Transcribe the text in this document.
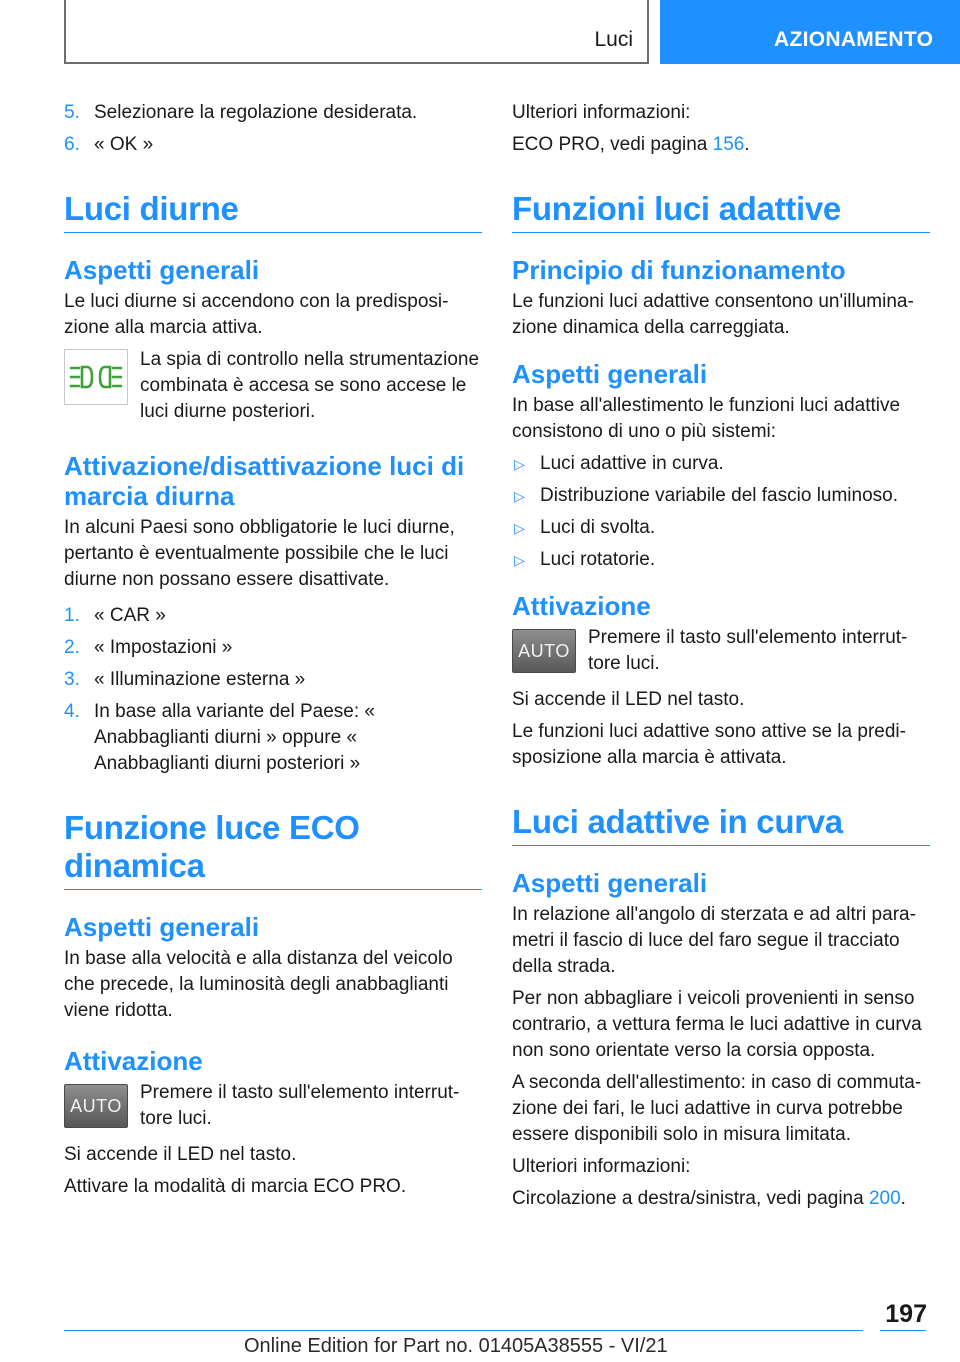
Luci	AZIONAMENTO
5. Selezionare la regolazione desiderata.
6. « OK »
Luci diurne
Aspetti generali

Le luci diurne si accendono con la predisposizione alla marcia attiva.

La spia di controllo nella strumentazione combinata è accesa se sono accese le luci diurne posteriori.

Attivazione/disattivazione luci di marcia diurna

In alcuni Paesi sono obbligatorie le luci diurne, pertanto è eventualmente possibile che le luci diurne non possano essere disattivate.

1. « CAR »
2. « Impostazioni »
3. « Illuminazione esterna »
4. In base alla variante del Paese: « Anabbaglianti diurni » oppure « Anabbaglianti diurni posteriori »
Funzione luce ECO dinamica
Aspetti generali

In base alla velocità e alla distanza del veicolo che precede, la luminosità degli anabbaglianti viene ridotta.

Attivazione
AUTO

Premere il tasto sull'elemento interruttore luci.

Si accende il LED nel tasto.

Attivare la modalità di marcia ECO PRO.

Ulteriori informazioni:

ECO PRO, vedi pagina 156.

Funzioni luci adattive
Principio di funzionamento

Le funzioni luci adattive consentono un'illuminazione dinamica della carreggiata.

Aspetti generali

In base all'allestimento le funzioni luci adattive consistono di uno o più sistemi:

▷ Luci adattive in curva.
▷ Distribuzione variabile del fascio luminoso.
▷ Luci di svolta.
▷ Luci rotatorie.
Attivazione
AUTO

Premere il tasto sull'elemento interruttore luci.

Si accende il LED nel tasto.

Le funzioni luci adattive sono attive se la predisposizione alla marcia è attivata.

Luci adattive in curva
Aspetti generali

In relazione all'angolo di sterzata e ad altri parametri il fascio di luce del faro segue il tracciato della strada.

Per non abbagliare i veicoli provenienti in senso contrario, a vettura ferma le luci adattive in curva non sono orientate verso la corsia opposta.

A seconda dell'allestimento: in caso di commutazione dei fari, le luci adattive in curva potrebbe essere disponibili solo in misura limitata.

Ulteriori informazioni:

Circolazione a destra/sinistra, vedi pagina 200.

197
Online Edition for Part no. 01405A38555 - VI/21
